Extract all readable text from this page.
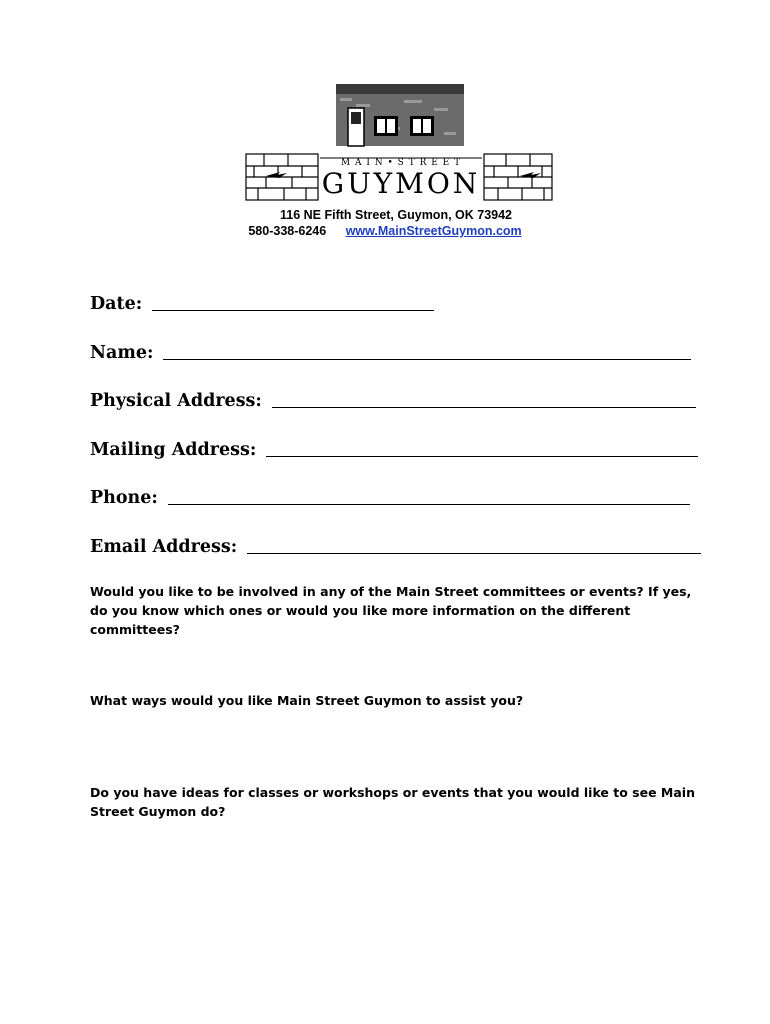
M A I N • S T R E E T
GUYMON
116 NE Fifth Street, Guymon, OK 73942
580-338-6246 www.MainStreetGuymon.com
Date:
Name:
Physical Address:
Mailing Address:
Phone:
Email Address:
Would you like to be involved in any of the Main Street committees or events? If yes, do you know which ones or would you like more information on the different committees?
What ways would you like Main Street Guymon to assist you?
Do you have ideas for classes or workshops or events that you would like to see Main Street Guymon do?
